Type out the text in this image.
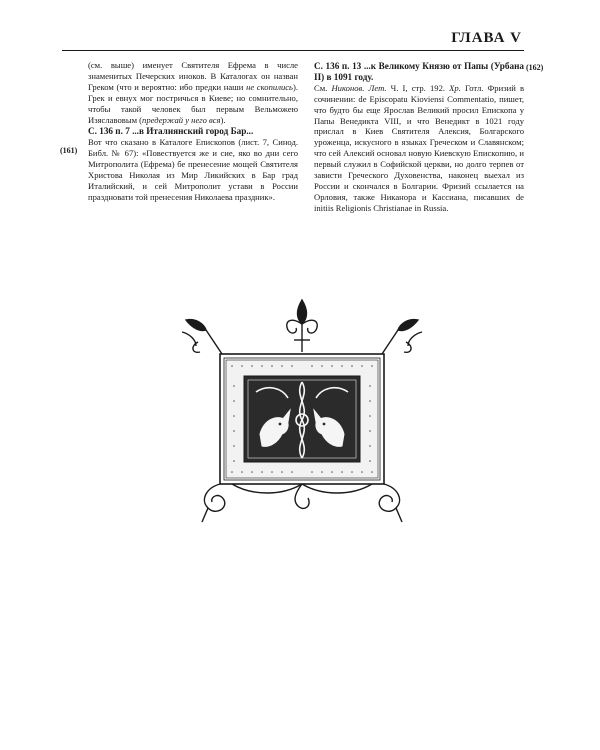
ГЛАВА V
(161)
(162)

(см. выше) именует Святителя Ефрема в числе знаменитых Печерских иноков. В Каталогах он назван Греком (что и вероятно: ибо предки наши не скопились). Грек и евнух мог постричься в Киеве; но сомнительно, чтобы такой человек был первым Вельможею Изяславовым (предержай у него вся).

С. 136 п. 7 ...в Италиянский город Бар...

Вот что сказано в Каталоге Епископов (лист. 7, Синод. Библ. № 67): «Повествуется же и сие, яко во дни сего Митрополита (Ефрема) бе пренесение мощей Святителя Христова Николая из Мир Ликийских в Бар град Италийский, и сей Митрополит устави в России праздновати той пренесения Николаева праздник».

С. 136 п. 13 ...к Великому Князю от Папы (Урбана II) в 1091 году.

См. Никонов. Лет. Ч. I, стр. 192. Хр. Готл. Фризий в сочинении: de Episcopatu Kioviensi Commentatio, пишет, что будто бы еще Ярослав Великий просил Епископа у Папы Венедикта VIII, и что Венедикт в 1021 году прислал в Киев Святителя Алексия, Болгарского уроженца, искусного в языках Греческом и Славянском; что сей Алексий основал новую Киевскую Епископию, и первый служил в Софийской церкви, но долго терпев от зависти Греческого Духовенства, наконец выехал из России и скончался в Болгарии. Фризий ссылается на Орловия, также Никанора и Кассиана, писавших de initiis Religionis Christianae in Russia.
